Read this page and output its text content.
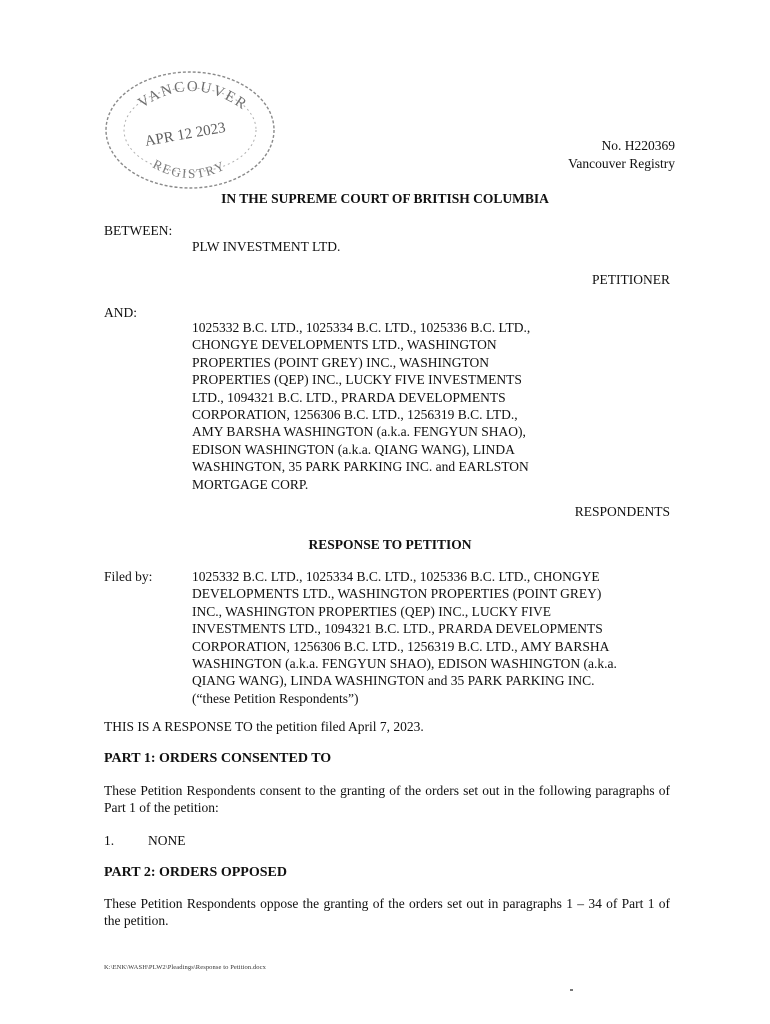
VANCOUVER
APR 12 2023
REGISTRY
No. H220369
Vancouver Registry
IN THE SUPREME COURT OF BRITISH COLUMBIA
BETWEEN:
PLW INVESTMENT LTD.
PETITIONER
AND:
1025332 B.C. LTD., 1025334 B.C. LTD., 1025336 B.C. LTD.,
CHONGYE DEVELOPMENTS LTD., WASHINGTON
PROPERTIES (POINT GREY) INC., WASHINGTON
PROPERTIES (QEP) INC., LUCKY FIVE INVESTMENTS
LTD., 1094321 B.C. LTD., PRARDA DEVELOPMENTS
CORPORATION, 1256306 B.C. LTD., 1256319 B.C. LTD.,
AMY BARSHA WASHINGTON (a.k.a. FENGYUN SHAO),
EDISON WASHINGTON (a.k.a. QIANG WANG), LINDA
WASHINGTON, 35 PARK PARKING INC. and EARLSTON
MORTGAGE CORP.
RESPONDENTS
RESPONSE TO PETITION
Filed by:	1025332 B.C. LTD., 1025334 B.C. LTD., 1025336 B.C. LTD., CHONGYE
DEVELOPMENTS LTD., WASHINGTON PROPERTIES (POINT GREY)
INC., WASHINGTON PROPERTIES (QEP) INC., LUCKY FIVE
INVESTMENTS LTD., 1094321 B.C. LTD., PRARDA DEVELOPMENTS
CORPORATION, 1256306 B.C. LTD., 1256319 B.C. LTD., AMY BARSHA
WASHINGTON (a.k.a. FENGYUN SHAO), EDISON WASHINGTON (a.k.a.
QIANG WANG), LINDA WASHINGTON and 35 PARK PARKING INC.
(“these Petition Respondents”)
THIS IS A RESPONSE TO the petition filed April 7, 2023.
PART 1: ORDERS CONSENTED TO
These Petition Respondents consent to the granting of the orders set out in the following paragraphs of Part 1 of the petition:
1.	NONE
PART 2: ORDERS OPPOSED
These Petition Respondents oppose the granting of the orders set out in paragraphs 1 – 34 of Part 1 of the petition.
K:\ENK\WASH\PLW2\Pleadings\Response to Petition.docx
